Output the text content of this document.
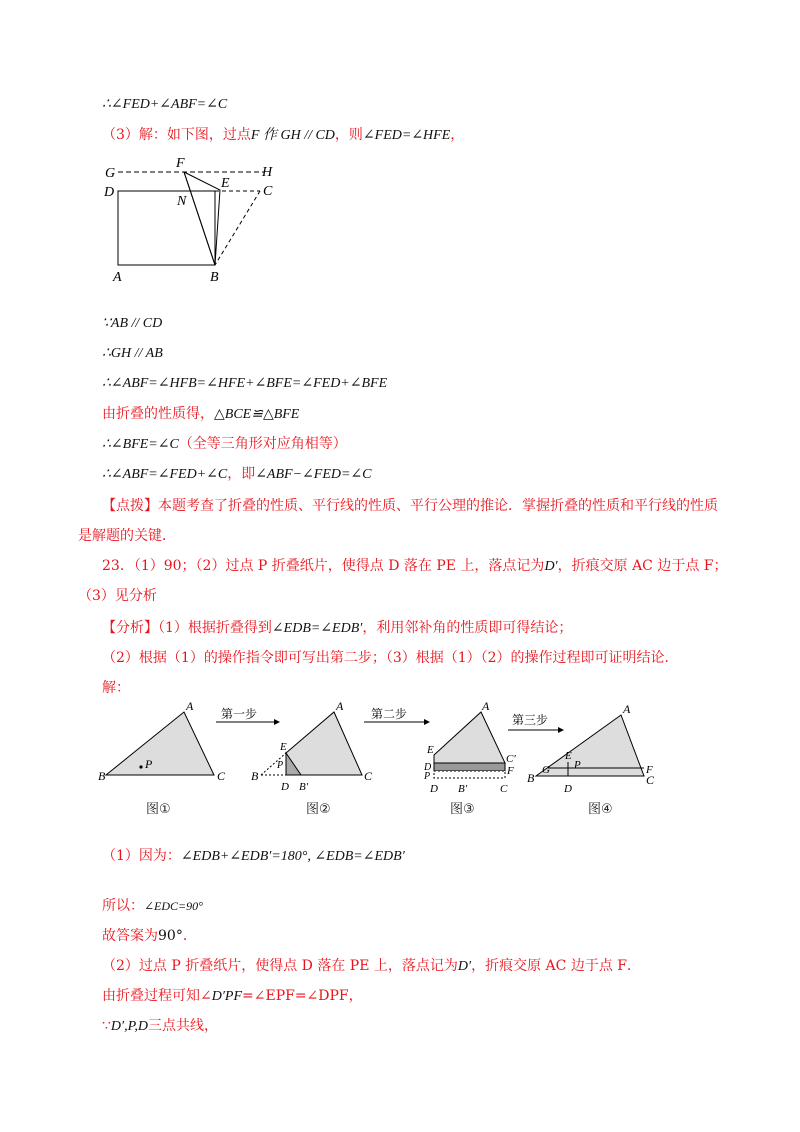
∴∠FED+∠ABF=∠C
（3）解：如下图，过点F 作 GH // CD，则∠FED=∠HFE，
G
F
H
D
E
C
N
A	B
∵AB // CD
∴GH // AB
∴∠ABF=∠HFB=∠HFE+∠BFE=∠FED+∠BFE
由折叠的性质得，△BCE≌△BFE
∴∠BFE=∠C（全等三角形对应角相等）
∴∠ABF=∠FED+∠C，即∠ABF−∠FED=∠C
【点拨】本题考查了折叠的性质、平行线的性质、平行公理的推论．掌握折叠的性质和平行线的性质
是解题的关键．
23．（1）90；（2）过点 P 折叠纸片，使得点 D 落在 PE 上，落点记为D′，折痕交原 AC 边于点 F；
（3）见分析
【分析】（1）根据折叠得到∠EDB=∠EDB′，利用邻补角的性质即可得结论；
（2）根据（1）的操作指令即可写出第二步；（3）根据（1）（2）的操作过程即可证明结论．
解：
P
A
B	C
第一步
A
E
P
B
D B′
C
第二步
A
E
D
P
C′
F
D B′	C
第三步
A
E
P
G
B
D
F
C
图①	图②	图③	图④
（1）因为：∠EDB+∠EDB′=180°, ∠EDB=∠EDB′
所以：∠EDC=90°
故答案为90°．
（2）过点 P 折叠纸片，使得点 D 落在 PE 上，落点记为D′，折痕交原 AC 边于点 F．
由折叠过程可知∠D′PF=∠EPF=∠DPF，
∵D′,P,D三点共线，
